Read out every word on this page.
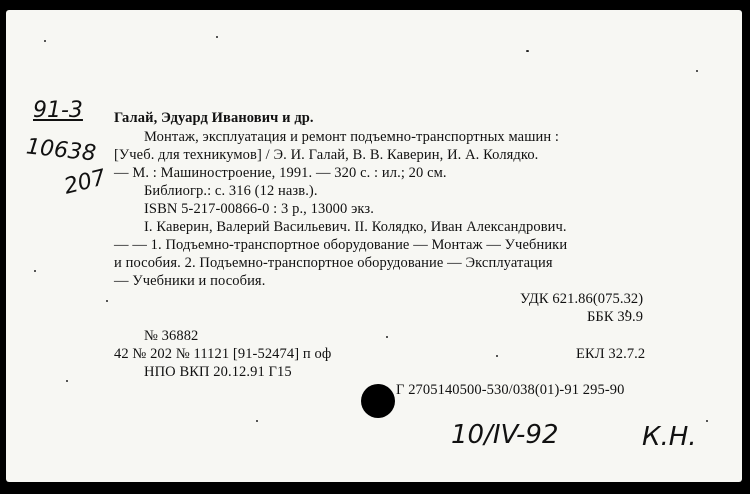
91-3
10638
207
10/IV-92	К.Н.
Галай, Эдуард Иванович и др.
Монтаж, эксплуатация и ремонт подъемно-транспортных машин :
[Учеб. для техникумов] / Э. И. Галай, В. В. Каверин, И. А. Колядко.
— М. : Машиностроение, 1991. — 320 с. : ил.; 20 см.
Библиогр.: с. 316 (12 назв.).
ISBN 5-217-00866-0 : 3 р., 13000 экз.
I. Каверин, Валерий Васильевич. II. Колядко, Иван Александрович.
— — 1. Подъемно-транспортное оборудование — Монтаж — Учебники
и пособия. 2. Подъемно-транспортное оборудование — Эксплуатация
— Учебники и пособия.
УДК 621.86(075.32)
ББК 39.9
№ 36882
42 № 202 № 11121 [91-52474] п оф	ЕКЛ 32.7.2
НПО ВКП 20.12.91 Г15
Г 2705140500-530/038(01)-91 295-90
